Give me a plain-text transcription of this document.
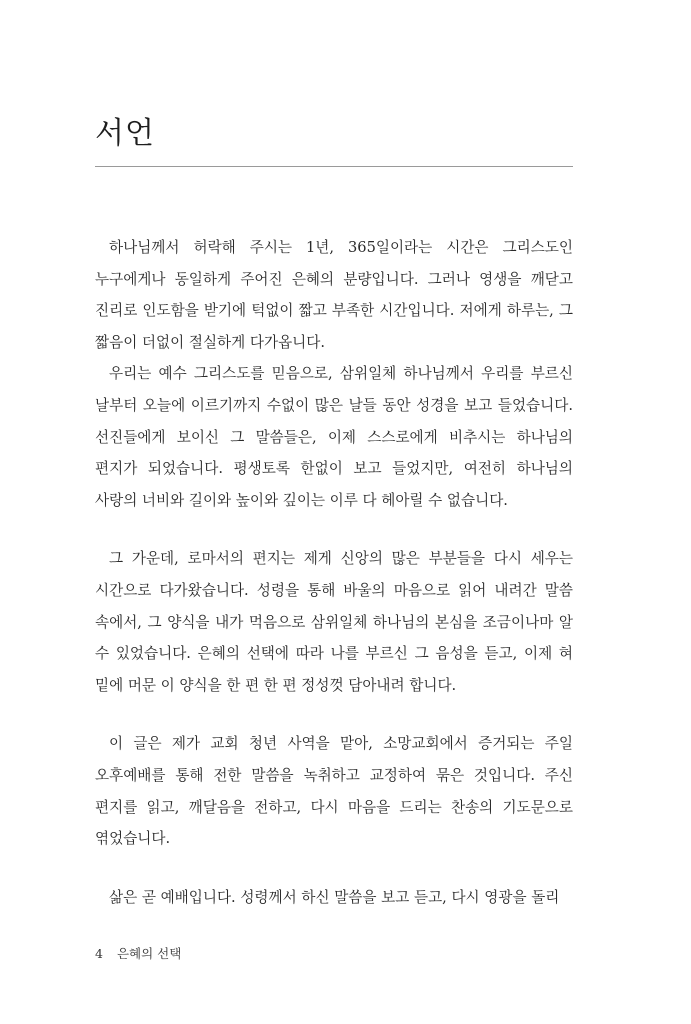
서언

하나님께서 허락해 주시는 1년, 365일이라는 시간은 그리스도인 누구에게나 동일하게 주어진 은혜의 분량입니다. 그러나 영생을 깨닫고 진리로 인도함을 받기에 턱없이 짧고 부족한 시간입니다. 저에게 하루는, 그 짧음이 더없이 절실하게 다가옵니다.

우리는 예수 그리스도를 믿음으로, 삼위일체 하나님께서 우리를 부르신 날부터 오늘에 이르기까지 수없이 많은 날들 동안 성경을 보고 들었습니다. 선진들에게 보이신 그 말씀들은, 이제 스스로에게 비추시는 하나님의 편지가 되었습니다. 평생토록 한없이 보고 들었지만, 여전히 하나님의 사랑의 너비와 길이와 높이와 깊이는 이루 다 헤아릴 수 없습니다.

그 가운데, 로마서의 편지는 제게 신앙의 많은 부분들을 다시 세우는 시간으로 다가왔습니다. 성령을 통해 바울의 마음으로 읽어 내려간 말씀 속에서, 그 양식을 내가 먹음으로 삼위일체 하나님의 본심을 조금이나마 알 수 있었습니다. 은혜의 선택에 따라 나를 부르신 그 음성을 듣고, 이제 혀 밑에 머문 이 양식을 한 편 한 편 정성껏 담아내려 합니다.

이 글은 제가 교회 청년 사역을 맡아, 소망교회에서 증거되는 주일 오후예배를 통해 전한 말씀을 녹취하고 교정하여 묶은 것입니다. 주신 편지를 읽고, 깨달음을 전하고, 다시 마음을 드리는 찬송의 기도문으로 엮었습니다.

삶은 곧 예배입니다. 성령께서 하신 말씀을 보고 듣고, 다시 영광을 돌리

4 은혜의 선택
